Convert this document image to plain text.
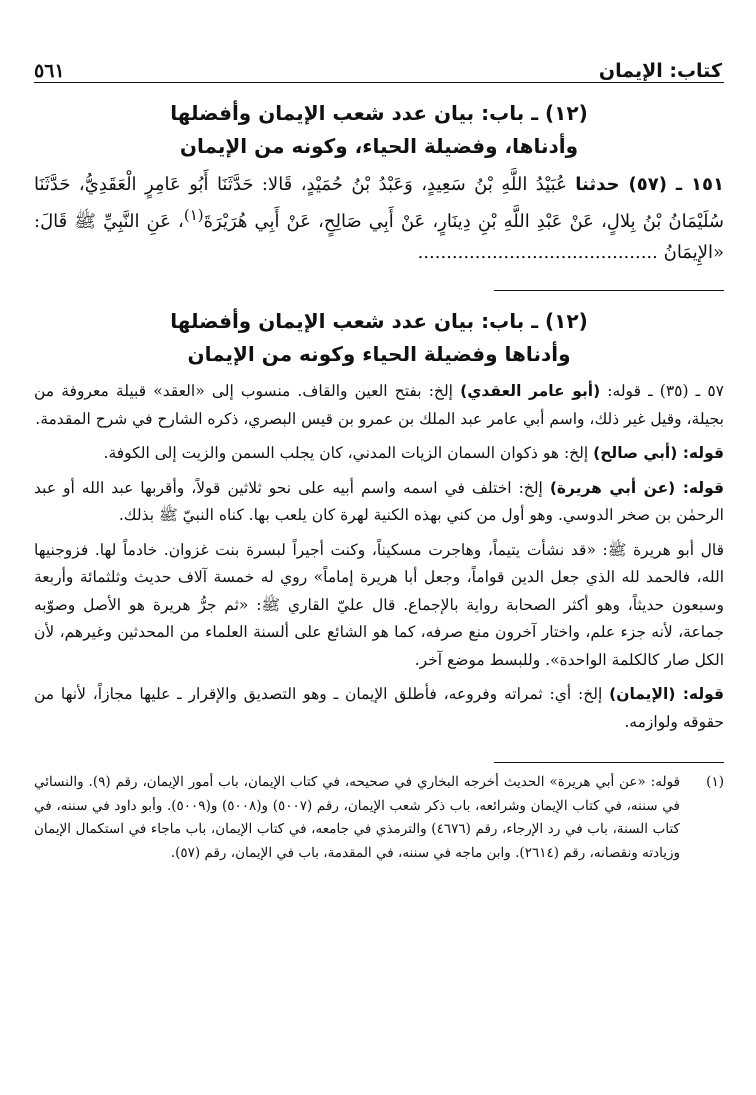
كتاب: الإيمان
٥٦١
(١٢) ـ باب: بيان عدد شعب الإيمان وأفضلها
وأدناها، وفضيلة الحياء، وكونه من الإيمان
١٥١ ـ (٥٧) حدثنا عُبَيْدُ اللَّهِ بْنُ سَعِيدٍ، وَعَبْدُ بْنُ حُمَيْدٍ، قَالا: حَدَّثَنَا أَبُو عَامِرٍ الْعَقَدِيُّ، حَدَّثَنَا سُلَيْمَانُ بْنُ بِلالٍ، عَنْ عَبْدِ اللَّهِ بْنِ دِينَارٍ، عَنْ أَبِي صَالِحٍ، عَنْ أَبِي هُرَيْرَةَ$^{(١)}$، عَنِ النَّبِيِّ ﷺ قَالَ: «الإِيمَانُ ..........................................
(١٢) ـ باب: بيان عدد شعب الإيمان وأفضلها
وأدناها وفضيلة الحياء وكونه من الإيمان
٥٧ ـ (٣٥) ـ قوله: (أبو عامر العقدي) إلخ: بفتح العين والقاف. منسوب إلى «العقد» قبيلة معروفة من بجيلة، وقيل غير ذلك، واسم أبي عامر عبد الملك بن عمرو بن قيس البصري، ذكره الشارح في شرح المقدمة.
قوله: (أبي صالح) إلخ: هو ذكوان السمان الزيات المدني، كان يجلب السمن والزيت إلى الكوفة.
قوله: (عن أبي هريرة) إلخ: اختلف في اسمه واسم أبيه على نحو ثلاثين قولاً، وأقربها عبد الله أو عبد الرحمٰن بن صخر الدوسي. وهو أول من كني بهذه الكنية لهرة كان يلعب بها. كناه النبيّ ﷺ بذلك.
قال أبو هريرة ﷺ: «قد نشأت يتيماً، وهاجرت مسكيناً، وكنت أجيراً لبسرة بنت غزوان. خادماً لها. فزوجنيها الله، فالحمد لله الذي جعل الدين قواماً، وجعل أبا هريرة إماماً» روي له خمسة آلاف حديث وثلثمائة وأربعة وسبعون حديثاً، وهو أكثر الصحابة رواية بالإجماع. قال عليّ القاري ﷺ: «ثم جرُّ هريرة هو الأصل وصوّبه جماعة، لأنه جزء علم، واختار آخرون منع صرفه، كما هو الشائع على ألسنة العلماء من المحدثين وغيرهم، لأن الكل صار كالكلمة الواحدة». وللبسط موضع آخر.
قوله: (الإيمان) إلخ: أي: ثمراته وفروعه، فأطلق الإيمان ـ وهو التصديق والإقرار ـ عليها مجازاً، لأنها من حقوقه ولوازمه.
(١)
قوله: «عن أبي هريرة» الحديث أخرجه البخاري في صحيحه، في كتاب الإيمان، باب أمور الإيمان، رقم (٩). والنسائي في سننه، في كتاب الإيمان وشرائعه، باب ذكر شعب الإيمان، رقم (٥٠٠٧) و(٥٠٠٨) و(٥٠٠٩). وأبو داود في سننه، في كتاب السنة، باب في رد الإرجاء، رقم (٤٦٧٦) والترمذي في جامعه، في كتاب الإيمان، باب ماجاء في استكمال الإيمان وزيادته ونقصانه، رقم (٢٦١٤). وابن ماجه في سننه، في المقدمة، باب في الإيمان، رقم (٥٧).
